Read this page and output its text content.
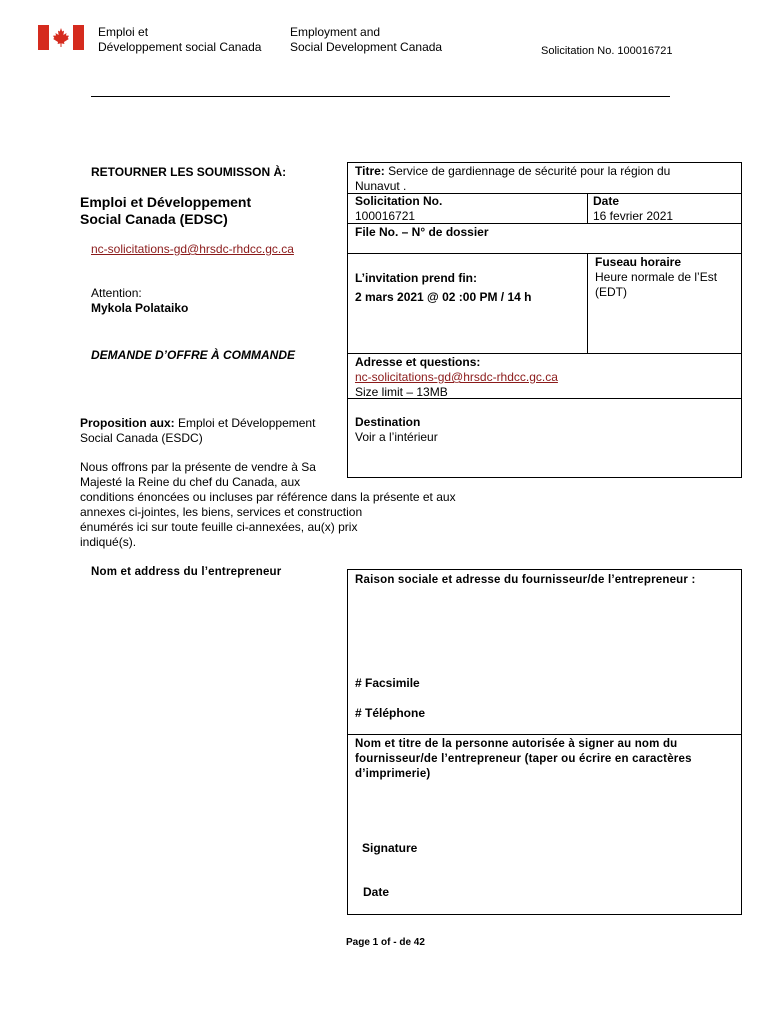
Emploi et
Développement social Canada
Employment and
Social Development Canada	Solicitation No. 100016721
RETOURNER LES SOUMISSON À:
Emploi et Développement
Social Canada (EDSC)
nc-solicitations-gd@hrsdc-rhdcc.gc.ca
Attention:
Mykola Polataiko
DEMANDE D’OFFRE À COMMANDE
Proposition aux: Emploi et Développement
Social Canada (ESDC)
Nous offrons par la présente de vendre à Sa
Majesté la Reine du chef du Canada, aux
conditions énoncées ou incluses par référence dans la présente et aux
annexes ci-jointes, les biens, services et construction
énumérés ici sur toute feuille ci-annexées, au(x) prix
indiqué(s).
Nom et address du l’entrepreneur
Titre: Service de gardiennage de sécurité pour la région du
Nunavut .
Solicitation No.
100016721
Date
16 fevrier 2021
File No. – N° de dossier
L’invitation prend fin:
2 mars 2021 @ 02 :00 PM / 14 h
Fuseau horaire
Heure normale de l’Est
(EDT)
Adresse et questions:
nc-solicitations-gd@hrsdc-rhdcc.gc.ca
Size limit – 13MB
Destination
Voir a l’intérieur
Raison sociale et adresse du fournisseur/de l’entrepreneur :
# Facsimile
# Téléphone
Nom et titre de la personne autorisée à signer au nom du
fournisseur/de l’entrepreneur (taper ou écrire en caractères
d’imprimerie)
Signature
Date
Page 1 of - de 42
